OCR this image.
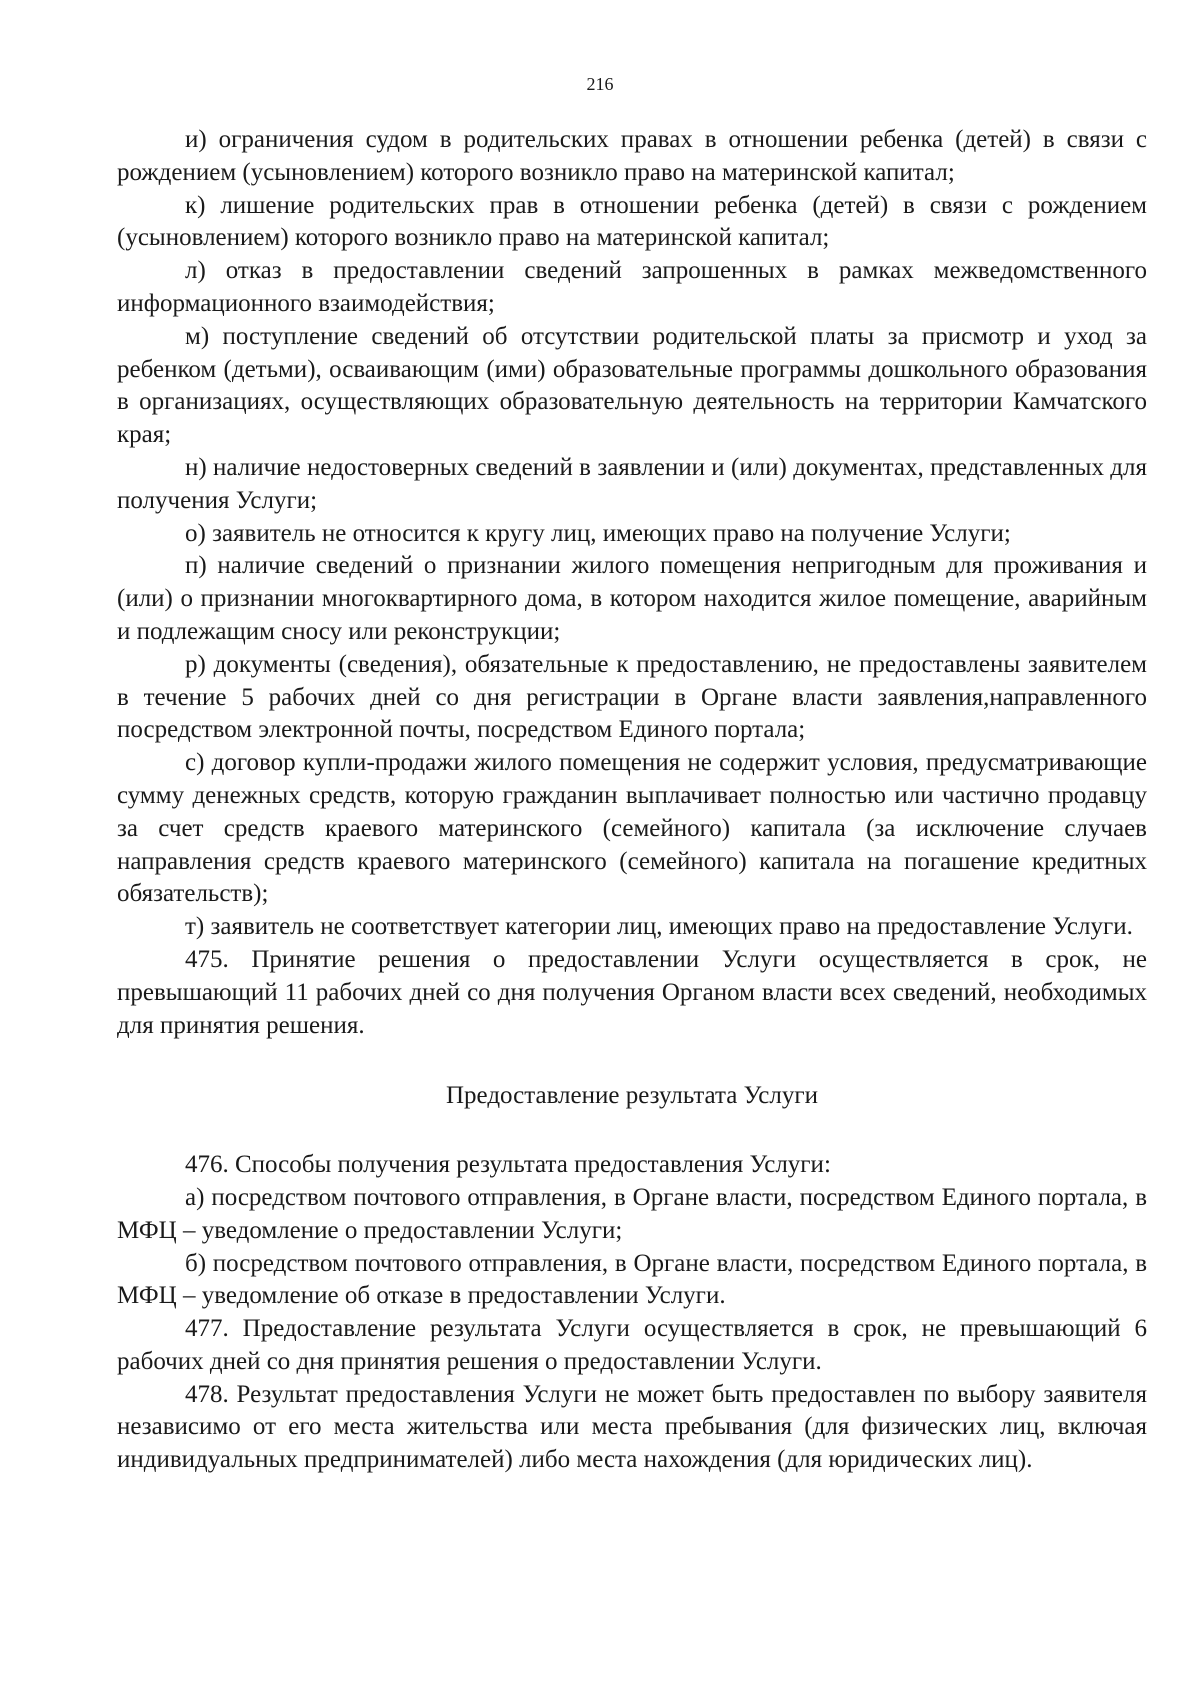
216

и) ограничения судом в родительских правах в отношении ребенка (детей) в связи с рождением (усыновлением) которого возникло право на материнской капитал;

к) лишение родительских прав в отношении ребенка (детей) в связи с рождением (усыновлением) которого возникло право на материнской капитал;

л) отказ в предоставлении сведений запрошенных в рамках межведомственного информационного взаимодействия;

м) поступление сведений об отсутствии родительской платы за присмотр и уход за ребенком (детьми), осваивающим (ими) образовательные программы дошкольного образования в организациях, осуществляющих образовательную деятельность на территории Камчатского края;

н) наличие недостоверных сведений в заявлении и (или) документах, представленных для получения Услуги;

о) заявитель не относится к кругу лиц, имеющих право на получение Услуги;

п) наличие сведений о признании жилого помещения непригодным для проживания и (или) о признании многоквартирного дома, в котором находится жилое помещение, аварийным и подлежащим сносу или реконструкции;

р) документы (сведения), обязательные к предоставлению, не предоставлены заявителем в течение 5 рабочих дней со дня регистрации в Органе власти заявления,направленного посредством электронной почты, посредством Единого портала;

с) договор купли-продажи жилого помещения не содержит условия, предусматривающие сумму денежных средств, которую гражданин выплачивает полностью или частично продавцу за счет средств краевого материнского (семейного) капитала (за исключение случаев направления средств краевого материнского (семейного) капитала на погашение кредитных обязательств);

т) заявитель не соответствует категории лиц, имеющих право на предоставление Услуги.

475. Принятие решения о предоставлении Услуги осуществляется в срок, не превышающий 11 рабочих дней со дня получения Органом власти всех сведений, необходимых для принятия решения.

Предоставление результата Услуги

476. Способы получения результата предоставления Услуги:

а) посредством почтового отправления, в Органе власти, посредством Единого портала, в МФЦ – уведомление о предоставлении Услуги;

б) посредством почтового отправления, в Органе власти, посредством Единого портала, в МФЦ – уведомление об отказе в предоставлении Услуги.

477. Предоставление результата Услуги осуществляется в срок, не превышающий 6 рабочих дней со дня принятия решения о предоставлении Услуги.

478. Результат предоставления Услуги не может быть предоставлен по выбору заявителя независимо от его места жительства или места пребывания (для физических лиц, включая индивидуальных предпринимателей) либо места нахождения (для юридических лиц).
